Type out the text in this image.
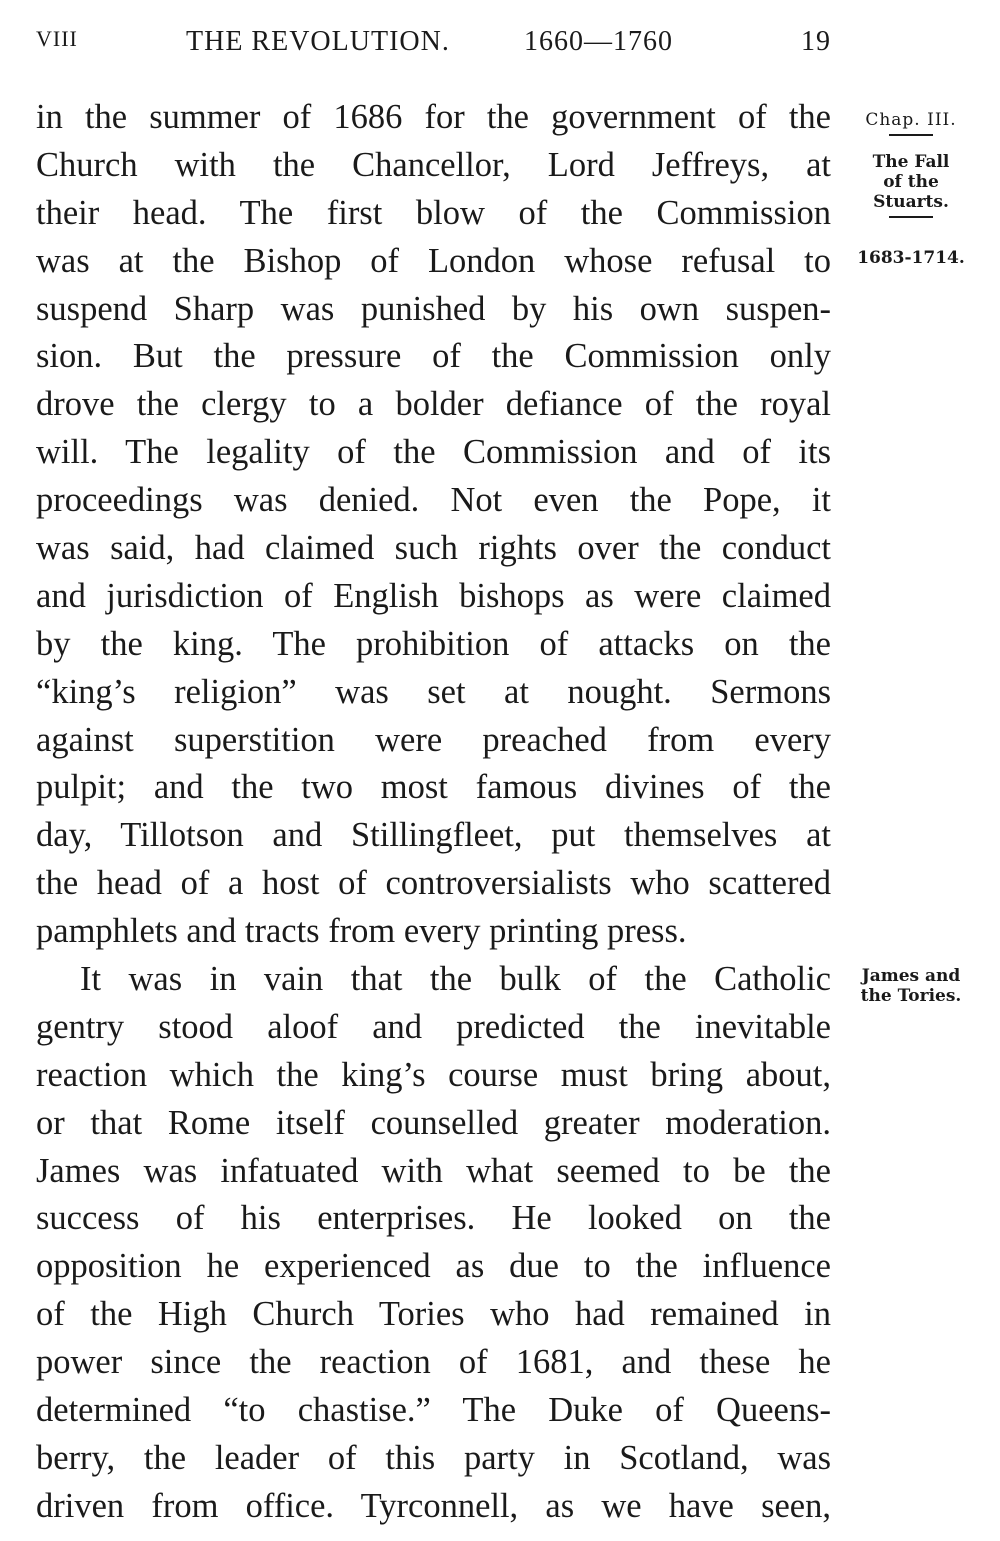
VIII	THE REVOLUTION.	1660—1760	19
Chap. III.
The Fall
of the
Stuarts.
1683-1714.
James and
the Tories.
in the summer of 1686 for the government of the
Church with the Chancellor, Lord Jeffreys, at
their head. The first blow of the Commission
was at the Bishop of London whose refusal to
suspend Sharp was punished by his own suspen-
sion. But the pressure of the Commission only
drove the clergy to a bolder defiance of the royal
will. The legality of the Commission and of its
proceedings was denied. Not even the Pope, it
was said, had claimed such rights over the conduct
and jurisdiction of English bishops as were claimed
by the king. The prohibition of attacks on the
“king’s religion” was set at nought. Sermons
against superstition were preached from every
pulpit; and the two most famous divines of the
day, Tillotson and Stillingfleet, put themselves at
the head of a host of controversialists who scattered
pamphlets and tracts from every printing press.
It was in vain that the bulk of the Catholic
gentry stood aloof and predicted the inevitable
reaction which the king’s course must bring about,
or that Rome itself counselled greater moderation.
James was infatuated with what seemed to be the
success of his enterprises. He looked on the
opposition he experienced as due to the influence
of the High Church Tories who had remained in
power since the reaction of 1681, and these he
determined “to chastise.” The Duke of Queens-
berry, the leader of this party in Scotland, was
driven from office. Tyrconnell, as we have seen,
